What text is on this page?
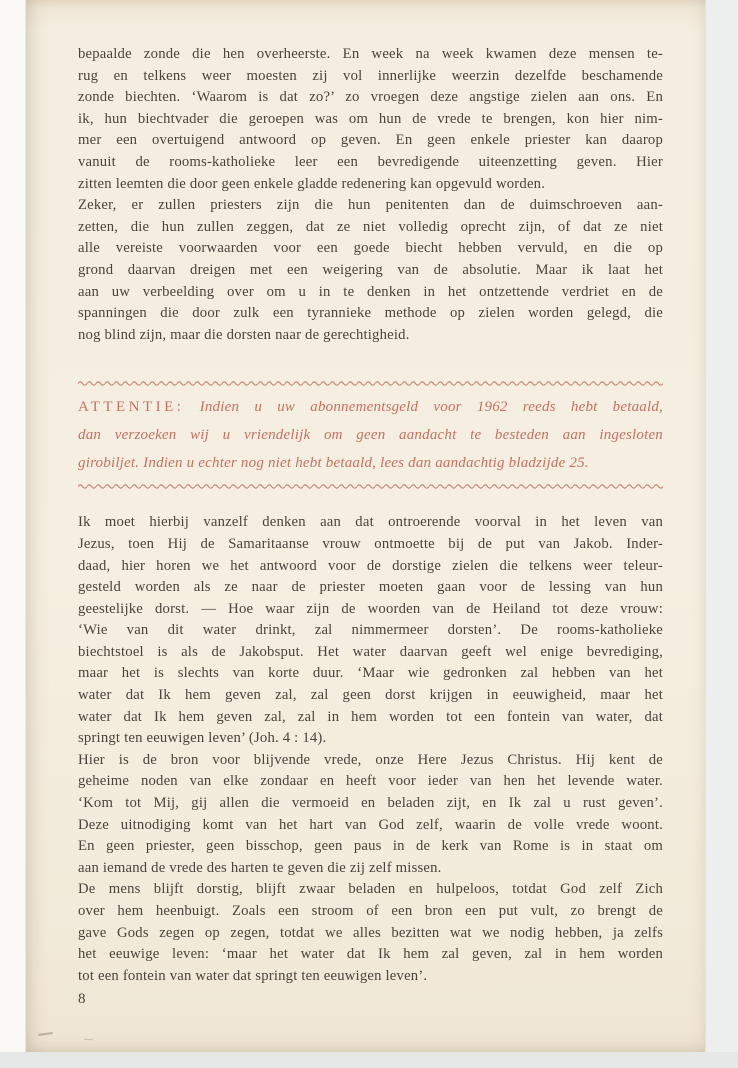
bepaalde zonde die hen overheerste. En week na week kwamen deze mensen te-
rug en telkens weer moesten zij vol innerlijke weerzin dezelfde beschamende
zonde biechten. ‘Waarom is dat zo?’ zo vroegen deze angstige zielen aan ons. En
ik, hun biechtvader die geroepen was om hun de vrede te brengen, kon hier nim-
mer een overtuigend antwoord op geven. En geen enkele priester kan daarop
vanuit de rooms-katholieke leer een bevredigende uiteenzetting geven. Hier
zitten leemten die door geen enkele gladde redenering kan opgevuld worden.
Zeker, er zullen priesters zijn die hun penitenten dan de duimschroeven aan-
zetten, die hun zullen zeggen, dat ze niet volledig oprecht zijn, of dat ze niet
alle vereiste voorwaarden voor een goede biecht hebben vervuld, en die op
grond daarvan dreigen met een weigering van de absolutie. Maar ik laat het
aan uw verbeelding over om u in te denken in het ontzettende verdriet en de
spanningen die door zulk een tyrannieke methode op zielen worden gelegd, die
nog blind zijn, maar die dorsten naar de gerechtigheid.
ATTENTIE: Indien u uw abonnementsgeld voor 1962 reeds hebt betaald,
dan verzoeken wij u vriendelijk om geen aandacht te besteden aan ingesloten
girobiljet. Indien u echter nog niet hebt betaald, lees dan aandachtig bladzijde 25.
Ik moet hierbij vanzelf denken aan dat ontroerende voorval in het leven van
Jezus, toen Hij de Samaritaanse vrouw ontmoette bij de put van Jakob. Inder-
daad, hier horen we het antwoord voor de dorstige zielen die telkens weer teleur-
gesteld worden als ze naar de priester moeten gaan voor de lessing van hun
geestelijke dorst. — Hoe waar zijn de woorden van de Heiland tot deze vrouw:
‘Wie van dit water drinkt, zal nimmermeer dorsten’. De rooms-katholieke
biechtstoel is als de Jakobsput. Het water daarvan geeft wel enige bevrediging,
maar het is slechts van korte duur. ‘Maar wie gedronken zal hebben van het
water dat Ik hem geven zal, zal geen dorst krijgen in eeuwigheid, maar het
water dat Ik hem geven zal, zal in hem worden tot een fontein van water, dat
springt ten eeuwigen leven’ (Joh. 4 : 14).
Hier is de bron voor blijvende vrede, onze Here Jezus Christus. Hij kent de
geheime noden van elke zondaar en heeft voor ieder van hen het levende water.
‘Kom tot Mij, gij allen die vermoeid en beladen zijt, en Ik zal u rust geven’.
Deze uitnodiging komt van het hart van God zelf, waarin de volle vrede woont.
En geen priester, geen bisschop, geen paus in de kerk van Rome is in staat om
aan iemand de vrede des harten te geven die zij zelf missen.
De mens blijft dorstig, blijft zwaar beladen en hulpeloos, totdat God zelf Zich
over hem heenbuigt. Zoals een stroom of een bron een put vult, zo brengt de
gave Gods zegen op zegen, totdat we alles bezitten wat we nodig hebben, ja zelfs
het eeuwige leven: ‘maar het water dat Ik hem zal geven, zal in hem worden
tot een fontein van water dat springt ten eeuwigen leven’.
8
